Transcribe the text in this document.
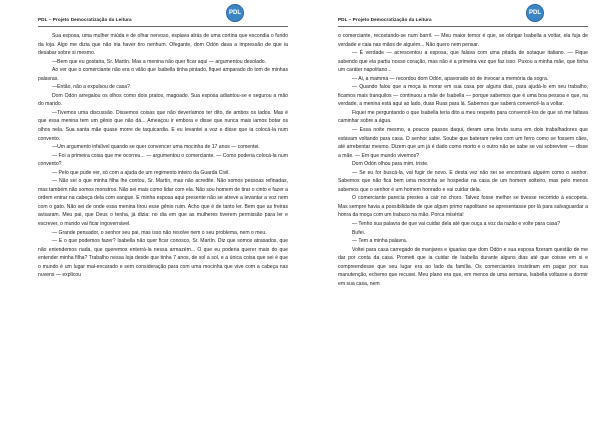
PDL – Projeto Democratização da Leitura
PDL

Sua esposa, uma mulher miúda e de olhar nervoso, espiava atrás de uma cortina que escondia o fundo da loja. Algo me dizia que não iria haver tiro nenhum. Ofegante, dom Odón dava a impressão de que ia desabar sobre si mesmo.

—Bem que eu gostaria, Sr. Martín. Mas a menina não quer ficar aqui — argumentou desolado.

Ao ver que o comerciante não era o vilão que Isabella tinha pintado, fiquei amparado do tom de minhas palavras.

—Então, não a expulsou de casa?

Dom Odón arregalou os olhos como dois pratos, magoado. Sua esposa adiantou-se e segurou a mão do marido.

—Tivemos uma discussão. Dissemos coisas que não deveríamos ter dito, de ambos os lados. Mas é que essa menina tem um gênio que não dá... Ameaçou ir embora e disse que nunca mais iamos botar os olhos nela. Sua santa mãe quase morre de taquicardia. E eu levantei a voz e disse que ia colocá-la num convento.

—Um argumento infalível quando se quer convencer uma mocinha de 17 anos — comentei.

— Foi a primeira coisa que me ocorreu... — argumentou o comerciante. — Como poderia colocá-la num convento?

— Pelo que pude ver, só com a ajuda de um regimento inteiro da Guarda Civil.

— Não sei o que minha filha lhe contou, Sr. Martín, mas não acredite. Não somos pessoas refinadas, mas também não somos monstros. Não sei mais como lidar com ela. Não sou homem de tirar o cinto e fazer a ordem entrar na cabeça dela com sangue. E minha esposa aqui presente não se atreve a levantar a voz nem com o gato. Não sei de onde essa menina tirou esse gênio ruim. Acho que é de tanto ler. Bem que as freiras avisaram. Meu pai, que Deus o tenha, já dizia: no dia em que as mulheres tiverem permissão para ler e escrever, o mundo vai ficar ingovernável.

— Grande pensador, o senhor seu pai, mas isso não resolve nem o seu problema, nem o meu.

— E o que podemos fazer? Isabella não quer ficar conosco, Sr. Martín. Diz que somos atrasados, que não entendemos nada, que queremos enterrá-la nessa armazém... O que eu poderia querer mais do que entender minha filha? Trabalho nessa loja desde que tinha 7 anos, de sol a sol, e a única coisa que sei é que o mundo é um lugar mal-encarado e sem consideração para com uma mocinha que vive com a cabeça nas nuvens — explicou

PDL – Projeto Democratização da Leitura
PDL

o comerciante, recostando-se num barril. — Meu maior temor é que, se obrigar Isabella a voltar, ela fuja de verdade e caia nas mãos de alguém... Não quero nem pensar.

— É verdade — acrescentou a esposa, que falava com uma pitada de sotaque italiano. — Fique sabendo que ela partiu nosso coração, mas não é a primeira vez que faz isso. Puxou a minha mãe, que tinha um caráter napolitano...

— Ai, a mamma — recordou dom Odón, apavorado só de invocar a memória da sogra.

— Quando falou que a moça ia morar em sua casa por alguns dias, para ajudá-lo em seu trabalho, ficamos mais tranquilos — continuou a mãe de Isabella — porque sabemos que é uma boa pessoa e que, na verdade, a menina está aqui ao lado, duas Ruas para lá. Sabemos que saberá convencê-la a voltar.

Fiquei me perguntando o que Isabella teria dito a meu respeito para convencê-los de que só me faltava caminhar sobre a água.

— Essa noite mesmo, a poucos passos daqui, deram uma bruta surra em dois trabalhadores que estavam voltando para casa. O senhor sabe. Soube que bateram neles com um ferro como se fossem cães, até arrebentar mesmo. Dizem que um já é dado como morto e o outro não se sabe se vai sobreviver — disse a mãe. — Em que mundo vivemos?

Dom Odón olhou para mim, triste.

— Se eu for buscá-la, vai fugir de novo. E desta vez não sei se encontrará alguém como o senhor. Sabemos que não fica bem uma mocinha se hospedar na casa de um homem solteiro, mas pelo menos sabemos que o senhor é um homem honrado e vai cuidar dela.

O comerciante parecia prestes a cair no choro. Talvez fosse melhor se tivesse recorrido à escopeta. Mas sempre havia a possibilidade de que algum primo napolitano se apresentasse por lá para salvaguardar a honra da moça com um trabuco na mão. Porca miséria!

— Tenho sua palavra de que vai cuidar dela até que ouça a voz da razão e volte para casa?

Bufei.

— Tem a minha palavra.

Voltei para casa carregado de manjares e iguarias que dom Odón e sua esposa fizeram questão de me dar por conta da casa. Prometi que ia cuidar de Isabella durante alguns dias até que coisse em si e compreendesse que seu lugar era ao lado da família. Os comerciantes insistiram em pagar por sua manutenção, echemo que recusei. Meu plano era que, em menos de uma semana, Isabella voltasse a dormir em sua casa, nem
